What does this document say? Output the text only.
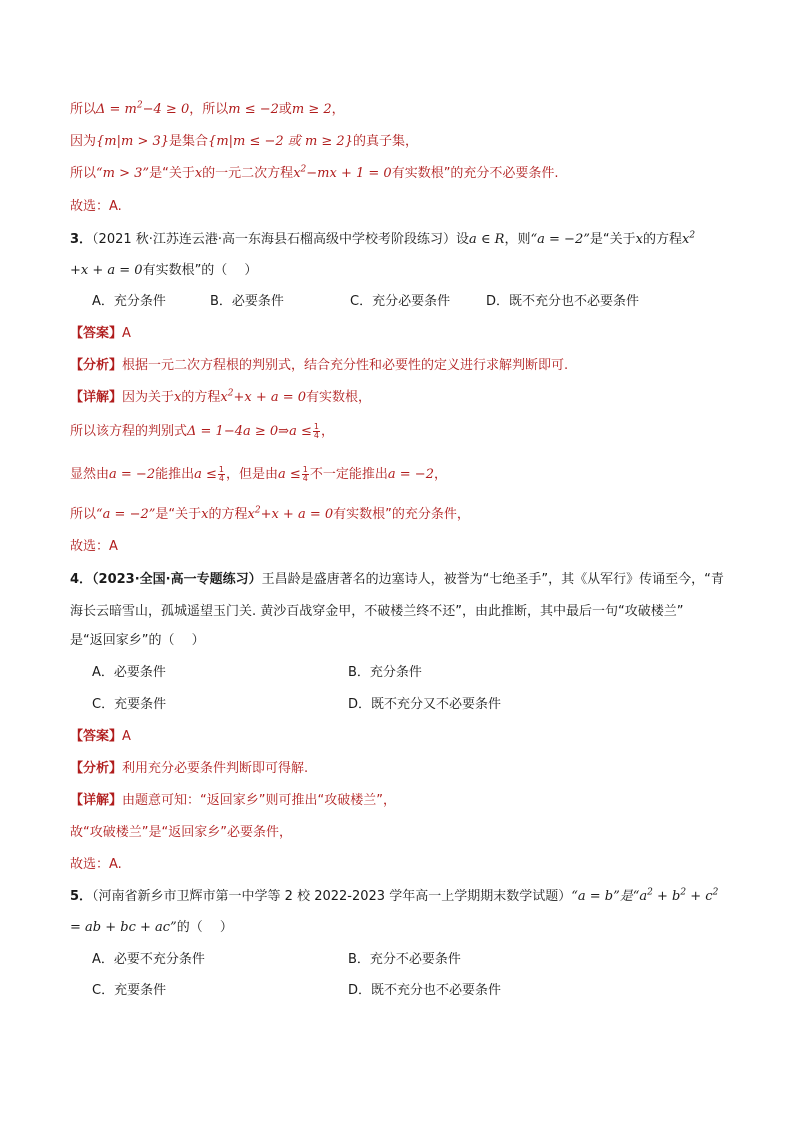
所以$\Delta = m^2-4 \ge 0$，所以m ≤ −2或m ≥ 2，
因为{m|m > 3}是集合{m|m ≤ −2 或 m ≥ 2}的真子集，
所以“m > 3”是“关于x的一元二次方程$x^2-mx + 1 = 0$有实数根”的充分不必要条件.
故选：A.
3．（2021 秋·江苏连云港·高一东海县石榴高级中学校考阶段练习）设a ∈ R，则“a = −2”是“关于x的方程$x^2$
+x + a = 0有实数根”的（　 ）
A．充分条件	B．必要条件	C．充分必要条件	D．既不充分也不必要条件
【答案】A
【分析】根据一元二次方程根的判别式，结合充分性和必要性的定义进行求解判断即可.
【详解】因为关于x的方程$x^2+x + a = 0$有实数根，
所以该方程的判别式Δ = 1−4a ≥ 0⇒a ≤ $\frac{1}{4}$ ，
显然由a = −2能推出$a \le \frac{1}{4}$ ，但是由$a \le \frac{1}{4}$ 不一定能推出a = −2，
所以“a = −2”是“关于x的方程$x^2+x + a = 0$有实数根”的充分条件，
故选：A
4．（2023·全国·高一专题练习）王昌龄是盛唐著名的边塞诗人，被誉为“七绝圣手”，其《从军行》传诵至今，“青
海长云暗雪山，孤城遥望玉门关. 黄沙百战穿金甲，不破楼兰终不还”，由此推断，其中最后一句“攻破楼兰”
是“返回家乡”的（　 ）
A．必要条件	B．充分条件
C．充要条件	D．既不充分又不必要条件
【答案】A
【分析】利用充分必要条件判断即可得解.
【详解】由题意可知：“返回家乡”则可推出“攻破楼兰”，
故“攻破楼兰”是“返回家乡”必要条件，
故选：A.
5．（河南省新乡市卫辉市第一中学等 2 校 2022-2023 学年高一上学期期末数学试题）“a = b”是“$a^2 + b^2 + c^2$
= ab + bc + ac”的（　 ）
A．必要不充分条件	B．充分不必要条件
C．充要条件	D．既不充分也不必要条件
